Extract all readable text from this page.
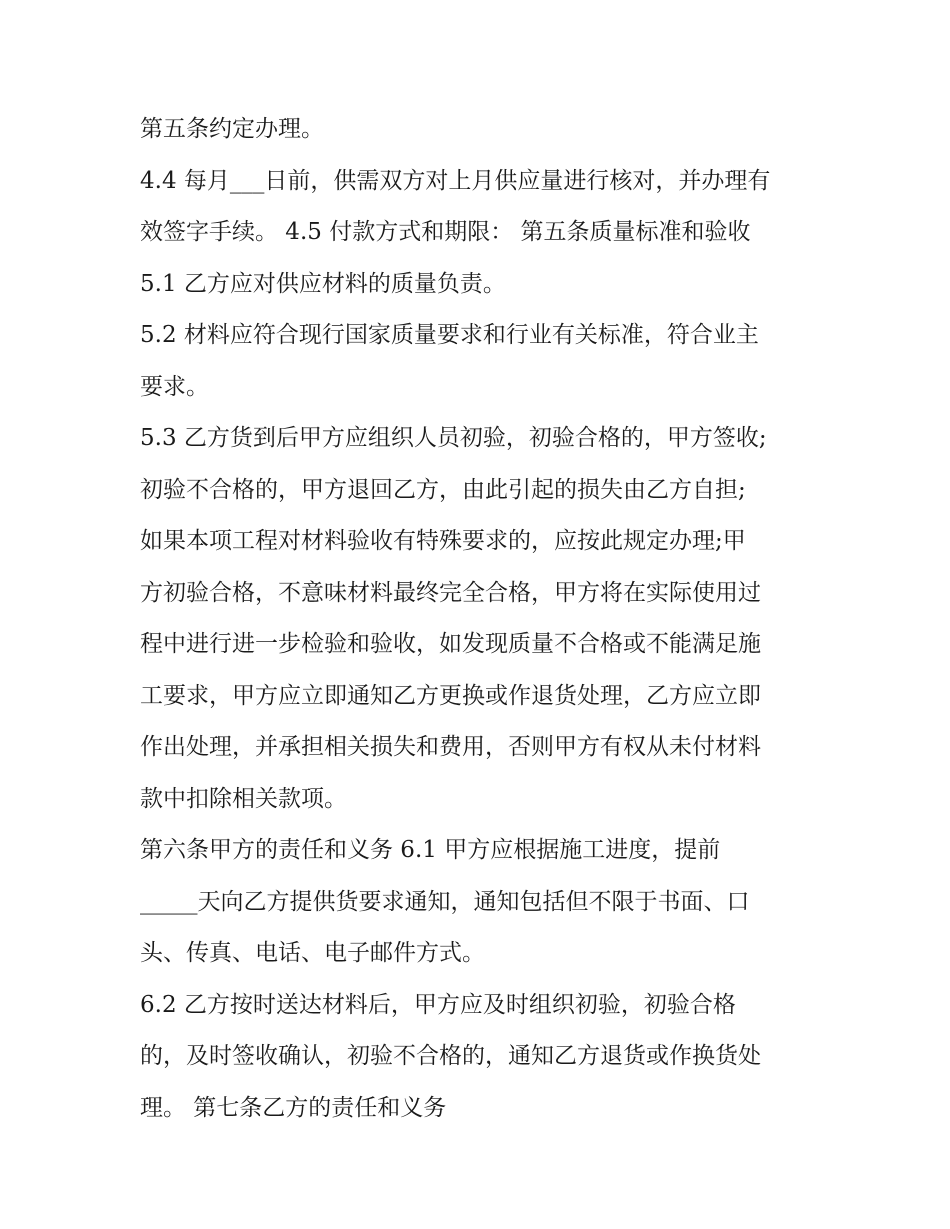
第五条约定办理。
4.4 每月___日前，供需双方对上月供应量进行核对，并办理有
效签字手续。 4.5 付款方式和期限： 第五条质量标准和验收
5.1 乙方应对供应材料的质量负责。
5.2 材料应符合现行国家质量要求和行业有关标准，符合业主
要求。
5.3 乙方货到后甲方应组织人员初验，初验合格的，甲方签收;
初验不合格的，甲方退回乙方，由此引起的损失由乙方自担;
如果本项工程对材料验收有特殊要求的，应按此规定办理;甲
方初验合格，不意味材料最终完全合格，甲方将在实际使用过
程中进行进一步检验和验收，如发现质量不合格或不能满足施
工要求，甲方应立即通知乙方更换或作退货处理，乙方应立即
作出处理，并承担相关损失和费用，否则甲方有权从未付材料
款中扣除相关款项。
第六条甲方的责任和义务 6.1 甲方应根据施工进度，提前
_____天向乙方提供货要求通知，通知包括但不限于书面、口
头、传真、电话、电子邮件方式。
6.2 乙方按时送达材料后，甲方应及时组织初验，初验合格
的，及时签收确认，初验不合格的，通知乙方退货或作换货处
理。 第七条乙方的责任和义务
